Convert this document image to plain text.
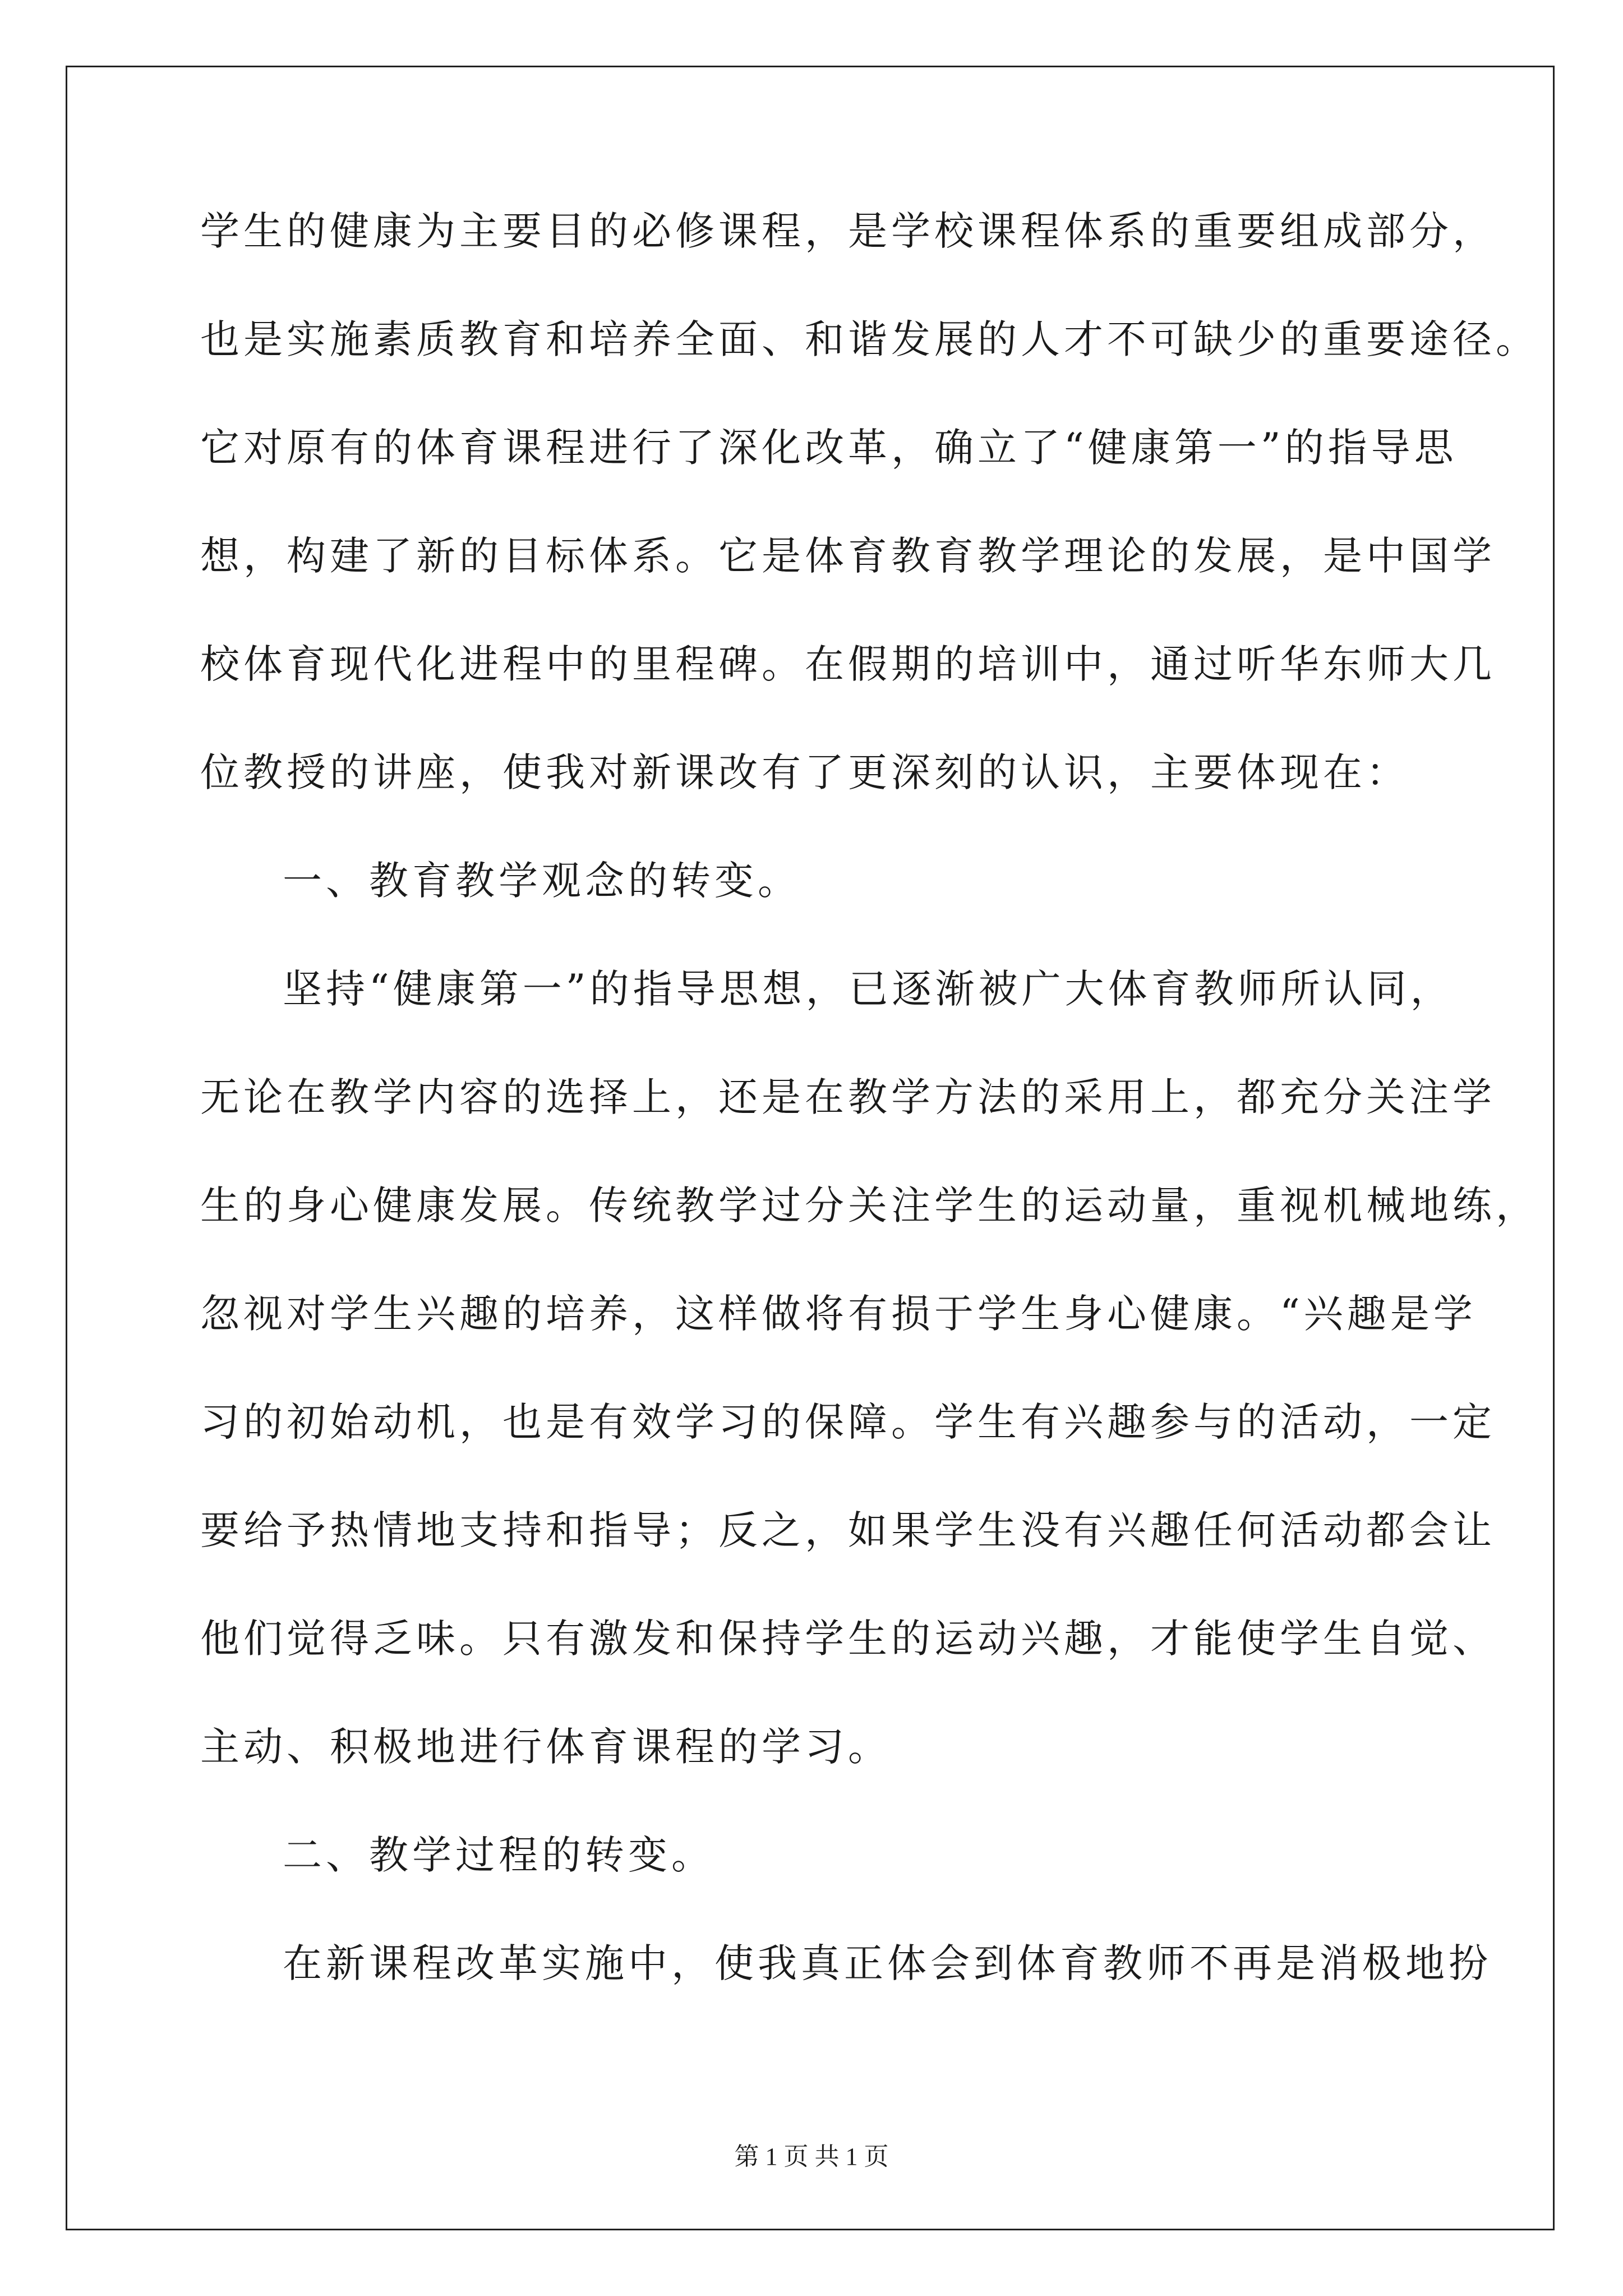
学生的健康为主要目的必修课程，是学校课程体系的重要组成部分，
也是实施素质教育和培养全面、和谐发展的人才不可缺少的重要途径。
它对原有的体育课程进行了深化改革，确立了“健康第一”的指导思
想，构建了新的目标体系。它是体育教育教学理论的发展，是中国学
校体育现代化进程中的里程碑。在假期的培训中，通过听华东师大几
位教授的讲座，使我对新课改有了更深刻的认识，主要体现在：
一、教育教学观念的转变。
坚持“健康第一”的指导思想，已逐渐被广大体育教师所认同，
无论在教学内容的选择上，还是在教学方法的采用上，都充分关注学
生的身心健康发展。传统教学过分关注学生的运动量，重视机械地练，
忽视对学生兴趣的培养，这样做将有损于学生身心健康。“兴趣是学
习的初始动机，也是有效学习的保障。学生有兴趣参与的活动，一定
要给予热情地支持和指导；反之，如果学生没有兴趣任何活动都会让
他们觉得乏味。只有激发和保持学生的运动兴趣，才能使学生自觉、
主动、积极地进行体育课程的学习。
二、教学过程的转变。
在新课程改革实施中，使我真正体会到体育教师不再是消极地扮
第 1 页 共 1 页
